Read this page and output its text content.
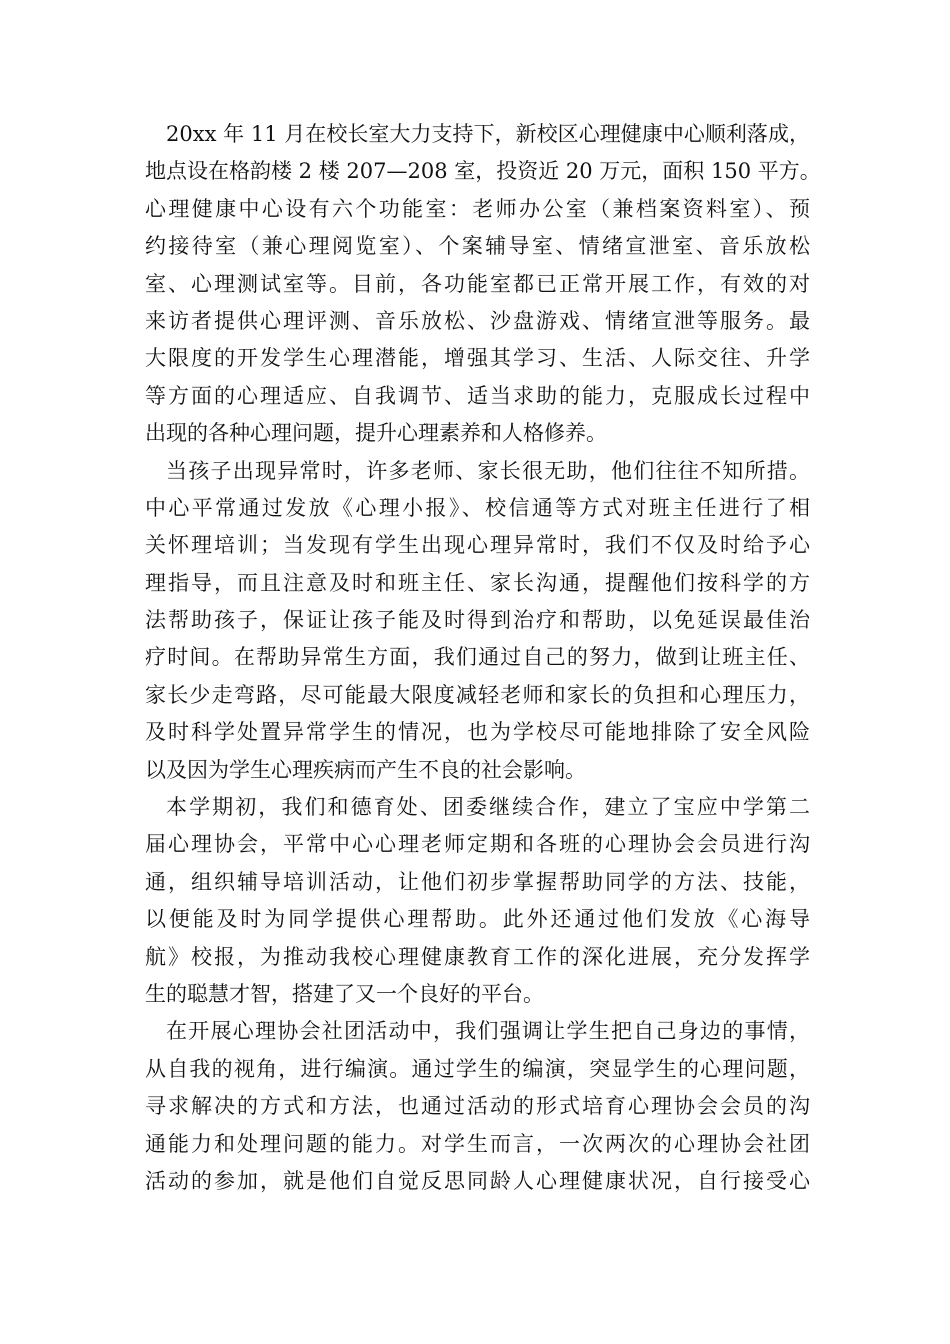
20xx 年 11 月在校长室大力支持下，新校区心理健康中心顺利落成，
地点设在格韵楼 2 楼 207—208 室，投资近 20 万元，面积 150 平方。
心理健康中心设有六个功能室：老师办公室（兼档案资料室）、预
约接待室（兼心理阅览室）、个案辅导室、情绪宣泄室、音乐放松
室、心理测试室等。目前，各功能室都已正常开展工作，有效的对
来访者提供心理评测、音乐放松、沙盘游戏、情绪宣泄等服务。最
大限度的开发学生心理潜能，增强其学习、生活、人际交往、升学
等方面的心理适应、自我调节、适当求助的能力，克服成长过程中
出现的各种心理问题，提升心理素养和人格修养。
当孩子出现异常时，许多老师、家长很无助，他们往往不知所措。
中心平常通过发放《心理小报》、校信通等方式对班主任进行了相
关怀理培训；当发现有学生出现心理异常时，我们不仅及时给予心
理指导，而且注意及时和班主任、家长沟通，提醒他们按科学的方
法帮助孩子，保证让孩子能及时得到治疗和帮助，以免延误最佳治
疗时间。在帮助异常生方面，我们通过自己的努力，做到让班主任、
家长少走弯路，尽可能最大限度减轻老师和家长的负担和心理压力，
及时科学处置异常学生的情况，也为学校尽可能地排除了安全风险
以及因为学生心理疾病而产生不良的社会影响。
本学期初，我们和德育处、团委继续合作，建立了宝应中学第二
届心理协会，平常中心心理老师定期和各班的心理协会会员进行沟
通，组织辅导培训活动，让他们初步掌握帮助同学的方法、技能，
以便能及时为同学提供心理帮助。此外还通过他们发放《心海导
航》校报，为推动我校心理健康教育工作的深化进展，充分发挥学
生的聪慧才智，搭建了又一个良好的平台。
在开展心理协会社团活动中，我们强调让学生把自己身边的事情，
从自我的视角，进行编演。通过学生的编演，突显学生的心理问题，
寻求解决的方式和方法，也通过活动的形式培育心理协会会员的沟
通能力和处理问题的能力。对学生而言，一次两次的心理协会社团
活动的参加，就是他们自觉反思同龄人心理健康状况，自行接受心
